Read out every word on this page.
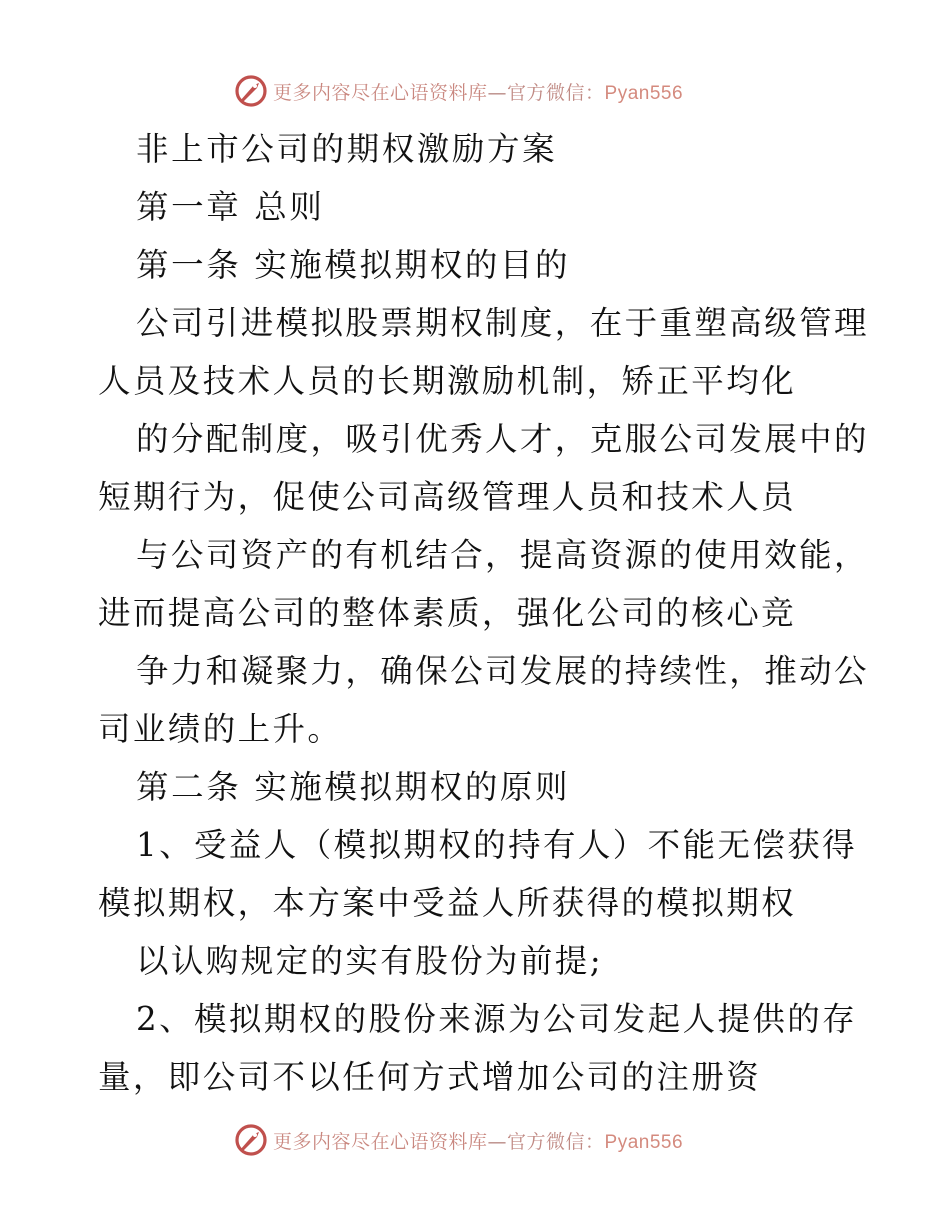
更多内容尽在心语资料库—官方微信：Pyan556
非上市公司的期权激励方案
第一章 总则
第一条 实施模拟期权的目的
公司引进模拟股票期权制度，在于重塑高级管理
人员及技术人员的长期激励机制，矫正平均化
的分配制度，吸引优秀人才，克服公司发展中的
短期行为，促使公司高级管理人员和技术人员
与公司资产的有机结合，提高资源的使用效能，
进而提高公司的整体素质，强化公司的核心竞
争力和凝聚力，确保公司发展的持续性，推动公
司业绩的上升。
第二条 实施模拟期权的原则
1、受益人（模拟期权的持有人）不能无偿获得
模拟期权，本方案中受益人所获得的模拟期权
以认购规定的实有股份为前提;
2、模拟期权的股份来源为公司发起人提供的存
量，即公司不以任何方式增加公司的注册资
更多内容尽在心语资料库—官方微信：Pyan556
